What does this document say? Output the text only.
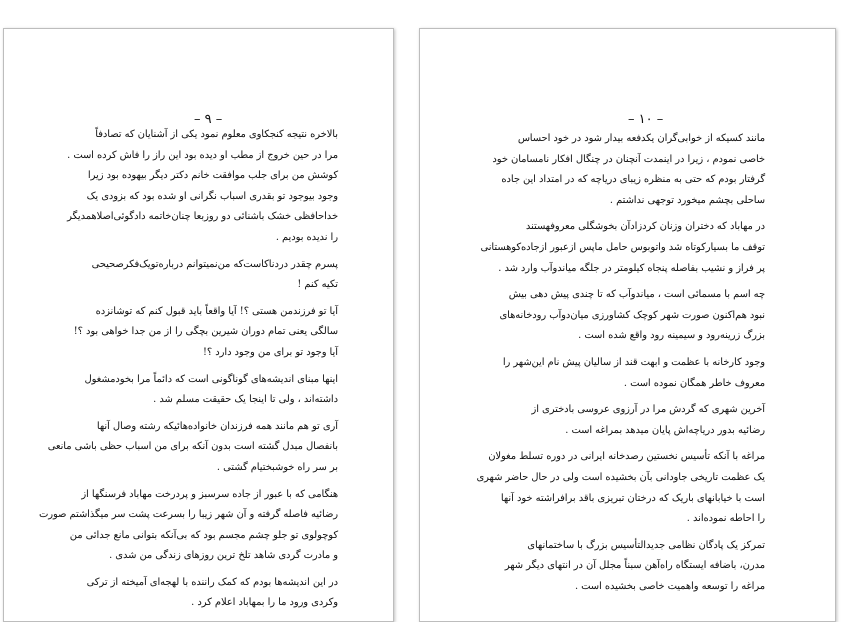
– ۹ –

بالاخره نتیجه کنجکاوی معلوم نمود یکی از آشنایان که تصادفاً
مرا در حین خروج از مطب او دیده بود این راز را فاش کرده است .
کوشش من برای جلب موافقت خانم دکتر دیگر بیهوده بود زیرا
وجود بیوجود تو بقدری اسباب نگرانی او شده بود که بزودی یک
خداحافظی خشک باشنائی دو روزبعا چنان‌خاتمه دادگوئی‌اصلاهمدیگر
را ندیده بودیم .

پسرم چقدر دردناکاست‌که من‌نمیتوانم درباره‌تویک‌فکرصحیحی
تکیه کنم !

آیا تو فرزندمن هستی ؟! آیا واقعاً باید قبول کنم که توشانزده
سالگی یعنی تمام دوران شیرین بچگی را از من جدا خواهی بود ؟!
آیا وجود تو برای من وجود دارد ؟!

اینها مبنای اندیشه‌های گوناگونی است که دائماً مرا بخودمشغول
داشته‌اند ، ولی تا اینجا یک حقیقت مسلم شد .

آری تو هم مانند همه فرزندان خانواده‌هائیکه رشته وصال آنها
بانفصال مبدل گشته است بدون آنکه برای من اسباب حظی باشی مانعی
بر سر راه خوشبختیام گشتی .

هنگامی که با عبور از جاده سرسبز و پردرخت مهاباد فرسنگها از
رضائیه فاصله گرفته و آن شهر زیبا را بسرعت پشت سر میگذاشتم صورت
کوچولوی تو جلو چشم مجسم بود که بی‌آنکه بتوانی مانع جدائی من
و مادرت گردی شاهد تلخ ترین روزهای زندگی من شدی .

در این اندیشه‌ها بودم که کمک راننده با لهجه‌ای آمیخته از ترکی
وکردی ورود ما را بمهاباد اعلام کرد .

– ۱۰ –

مانند کسیکه از خوابی‌گران یکدفعه بیدار شود در خود احساس
خاصی نمودم ، زیرا در اینمدت آنچنان در چنگال افکار نامسامان خود
گرفتار بودم که حتی به منظره زیبای دریاچه که در امتداد این جاده
ساحلی بچشم میخورد توجهی نداشتم .

در مهاباد که دختران وزنان کردزادآن بخوشگلی معروفهستند
توقف ما بسیارکوتاه شد واتوبوس حامل ماپس ازعبور ازجاده‌کوهستانی
پر فراز و نشیب بفاصله پنجاه کیلومتر در جلگه میاندوآب وارد شد .

چه اسم با مسمائی است ، میاندوآب که تا چندی پیش دهی بیش
نبود هم‌اکنون صورت شهر کوچک کشاورزی میان‌دوآب رودخانه‌های
بزرگ زرینه‌رود و سیمینه رود واقع شده است .

وجود کارخانه با عظمت و ابهت قند از سالیان پیش نام این‌شهر را
معروف خاطر همگان نموده است .

آخرین شهری که گردش مرا در آرزوی عروسی بادختری از
رضائیه بدور دریاچه‌اش پایان میدهد بمراغه است .

مراغه با آنکه تأسیس نخستین رصدخانه ایرانی در دوره تسلط مغولان
یک عظمت تاریخی جاودانی بآن بخشیده است ولی در حال حاضر شهری
است با خیابانهای باریک که درختان تبریزی باقد برافراشته خود آنها
را احاطه نموده‌اند .

تمرکز یک پادگان نظامی جدیدالتأسیس بزرگ با ساختمانهای
مدرن، باضافه ایستگاه راه‌آهن سبناً مجلل آن در انتهای دیگر شهر
مراغه را توسعه واهمیت خاصی بخشیده است .
